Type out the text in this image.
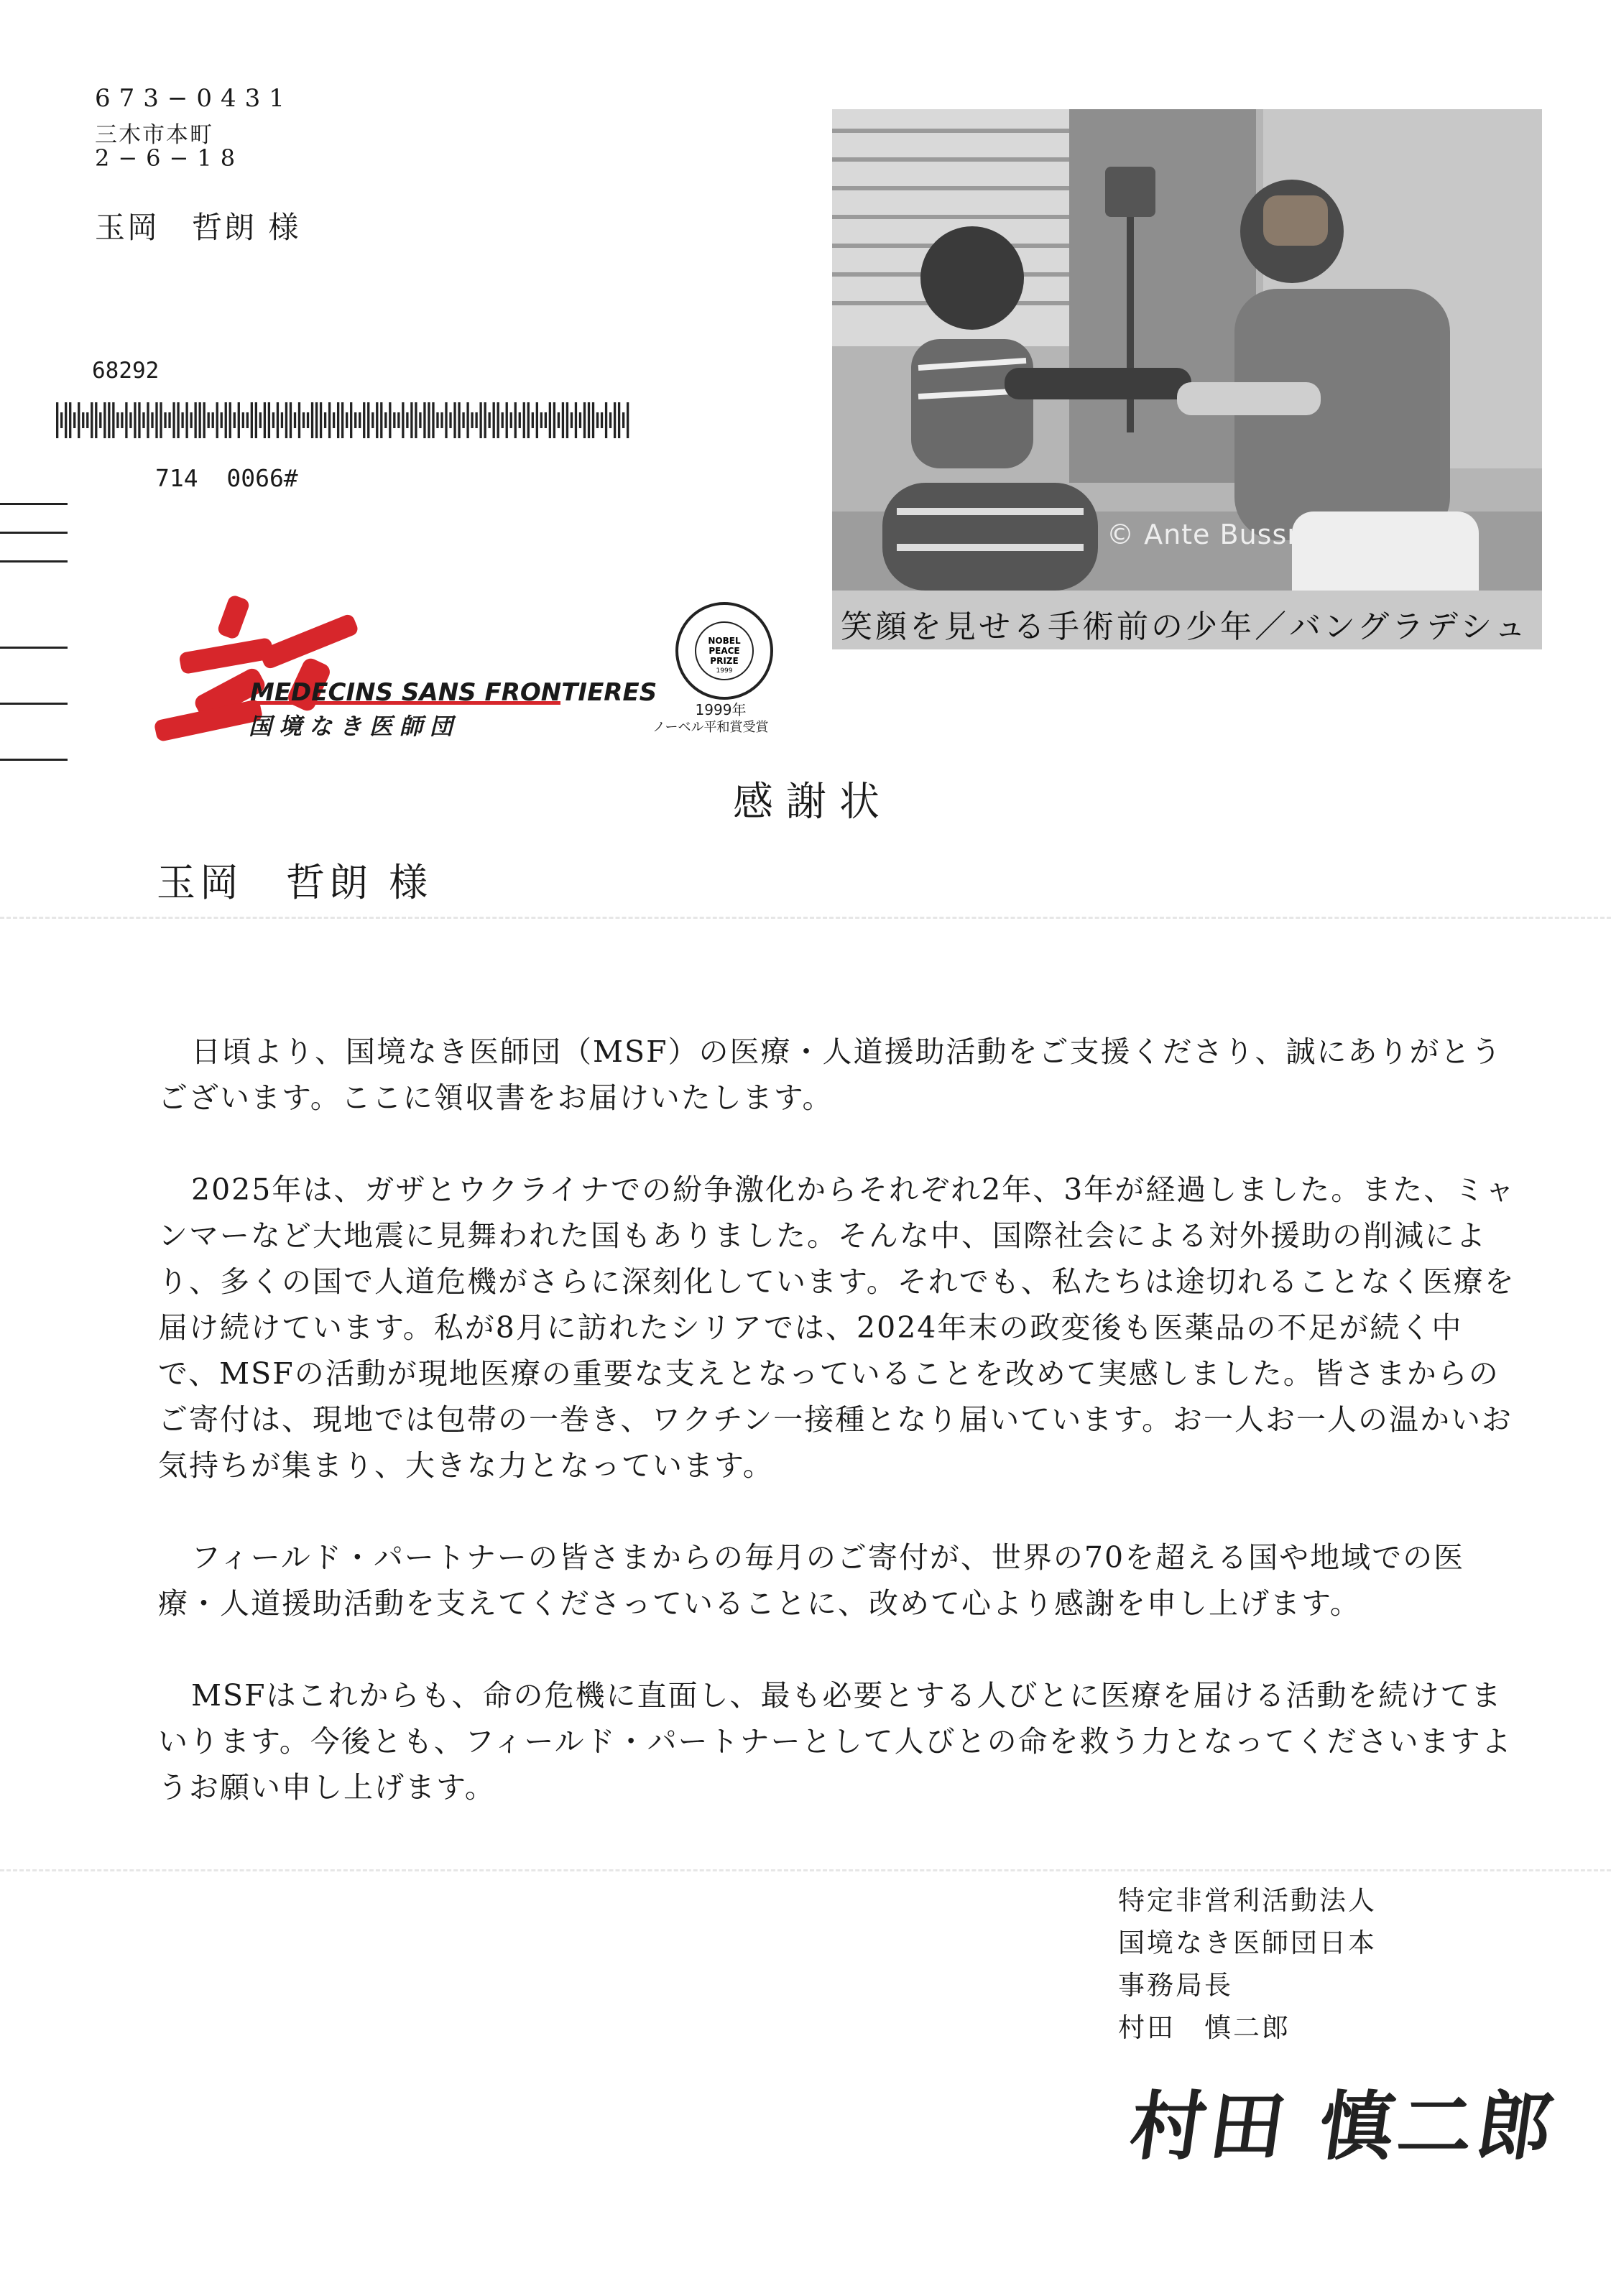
673−0431
三木市本町
2−6−18
玉岡　哲朗 様
68292
714  0066#
© Ante Bussmann/MSF
笑顔を見せる手術前の少年／バングラデシュ
MEDECINS SANS FRONTIERES
国境なき医師団
NOBEL
PEACE
PRIZE
1999
1999年
ノーベル平和賞受賞
感謝状
玉岡　哲朗 様

日頃より、国境なき医師団（MSF）の医療・人道援助活動をご支援くださり、誠にありがとうございます。ここに領収書をお届けいたします。

2025年は、ガザとウクライナでの紛争激化からそれぞれ2年、3年が経過しました。また、ミャンマーなど大地震に見舞われた国もありました。そんな中、国際社会による対外援助の削減により、多くの国で人道危機がさらに深刻化しています。それでも、私たちは途切れることなく医療を届け続けています。私が8月に訪れたシリアでは、2024年末の政変後も医薬品の不足が続く中で、MSFの活動が現地医療の重要な支えとなっていることを改めて実感しました。皆さまからのご寄付は、現地では包帯の一巻き、ワクチン一接種となり届いています。お一人お一人の温かいお気持ちが集まり、大きな力となっています。

フィールド・パートナーの皆さまからの毎月のご寄付が、世界の70を超える国や地域での医療・人道援助活動を支えてくださっていることに、改めて心より感謝を申し上げます。

MSFはこれからも、命の危機に直面し、最も必要とする人びとに医療を届ける活動を続けてまいります。今後とも、フィールド・パートナーとして人びとの命を救う力となってくださいますようお願い申し上げます。

特定非営利活動法人
国境なき医師団日本
事務局長
村田　慎二郎
村田 慎二郎
